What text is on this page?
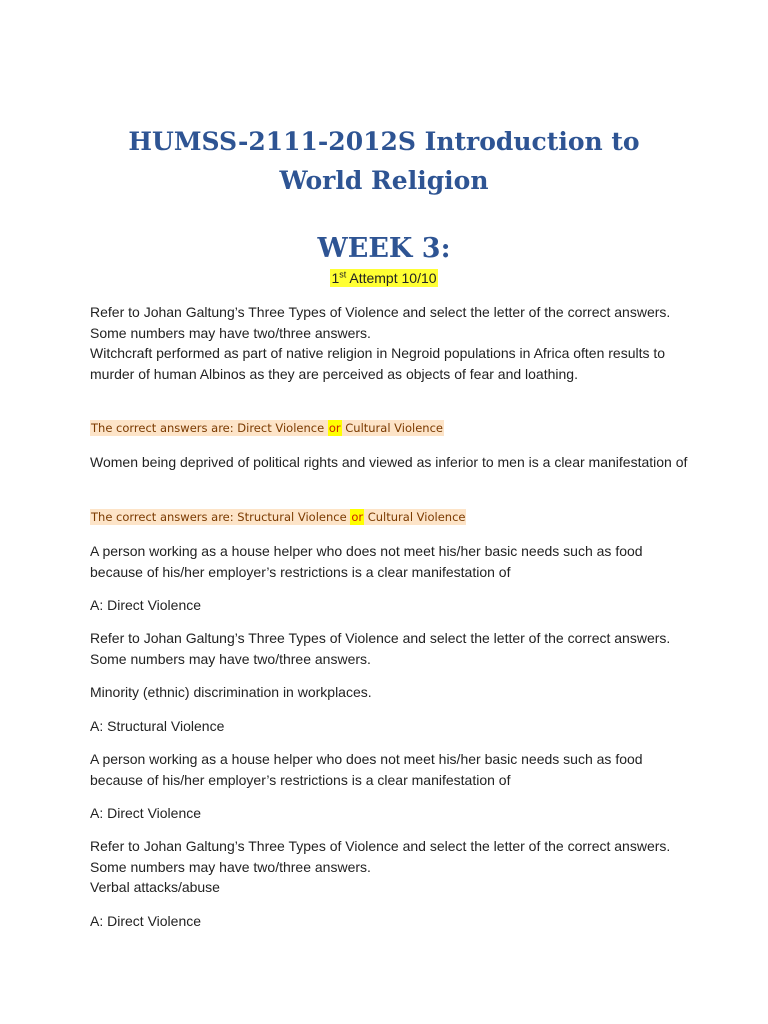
HUMSS-2111-2012S Introduction to World Religion
WEEK 3:
1st Attempt 10/10

Refer to Johan Galtung’s Three Types of Violence and select the letter of the correct answers. Some numbers may have two/three answers.
Witchcraft performed as part of native religion in Negroid populations in Africa often results to murder of human Albinos as they are perceived as objects of fear and loathing.

The correct answers are: Direct Violence or Cultural Violence

Women being deprived of political rights and viewed as inferior to men is a clear manifestation of

The correct answers are: Structural Violence or Cultural Violence

A person working as a house helper who does not meet his/her basic needs such as food because of his/her employer’s restrictions is a clear manifestation of

A: Direct Violence

Refer to Johan Galtung’s Three Types of Violence and select the letter of the correct answers. Some numbers may have two/three answers.

Minority (ethnic) discrimination in workplaces.

A: Structural Violence

A person working as a house helper who does not meet his/her basic needs such as food because of his/her employer’s restrictions is a clear manifestation of

A: Direct Violence

Refer to Johan Galtung’s Three Types of Violence and select the letter of the correct answers. Some numbers may have two/three answers.
Verbal attacks/abuse

A: Direct Violence
